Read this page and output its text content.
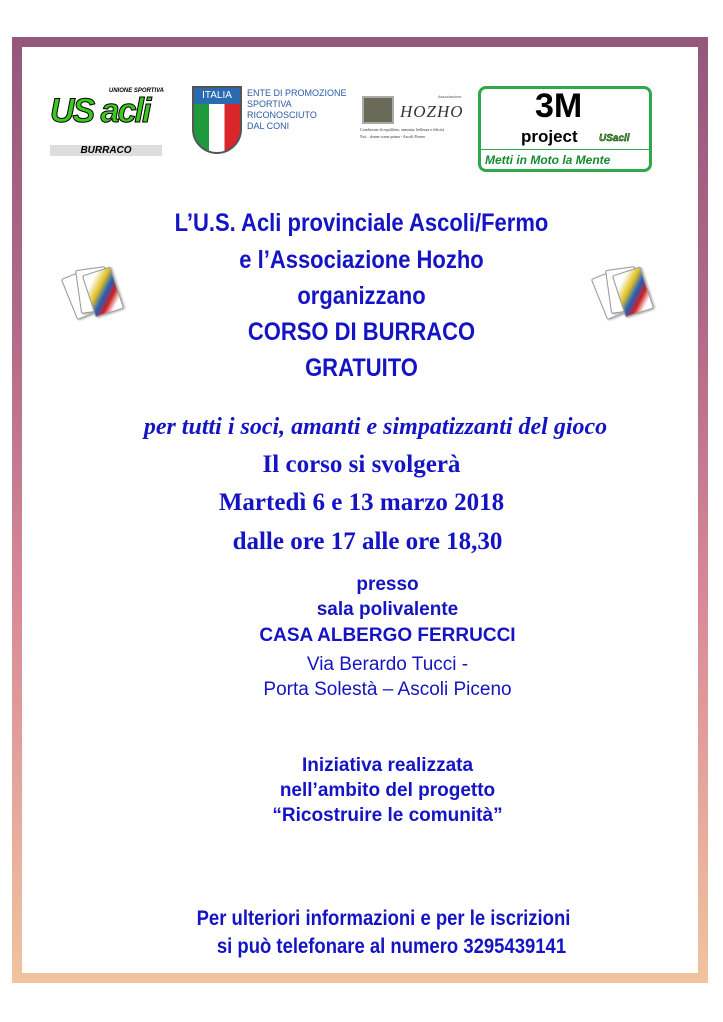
UNIONE SPORTIVA
US acli
BURRACO
ITALIA	ENTE DI PROMOZIONE
SPORTIVA
RICONOSCIUTO
DAL CONI
Associazione
HOZHO
Condizione di equilibrio, armonia, bellezza e felicità
Noi... donne come prima - Ascoli Piceno
3M
project USacli
Metti in Moto la Mente
L’U.S. Acli provinciale Ascoli/Fermo
e l’Associazione Hozho
organizzano
CORSO DI BURRACO
GRATUITO
per tutti i soci, amanti e simpatizzanti del gioco
Il corso si svolgerà
Martedì 6 e 13 marzo 2018
dalle ore 17 alle ore 18,30
presso
sala polivalente
CASA ALBERGO FERRUCCI
Via Berardo Tucci -
Porta Solestà – Ascoli Piceno
Iniziativa realizzata
nell’ambito del progetto
“Ricostruire le comunità”
Per ulteriori informazioni e per le iscrizioni
si può telefonare al numero 3295439141
